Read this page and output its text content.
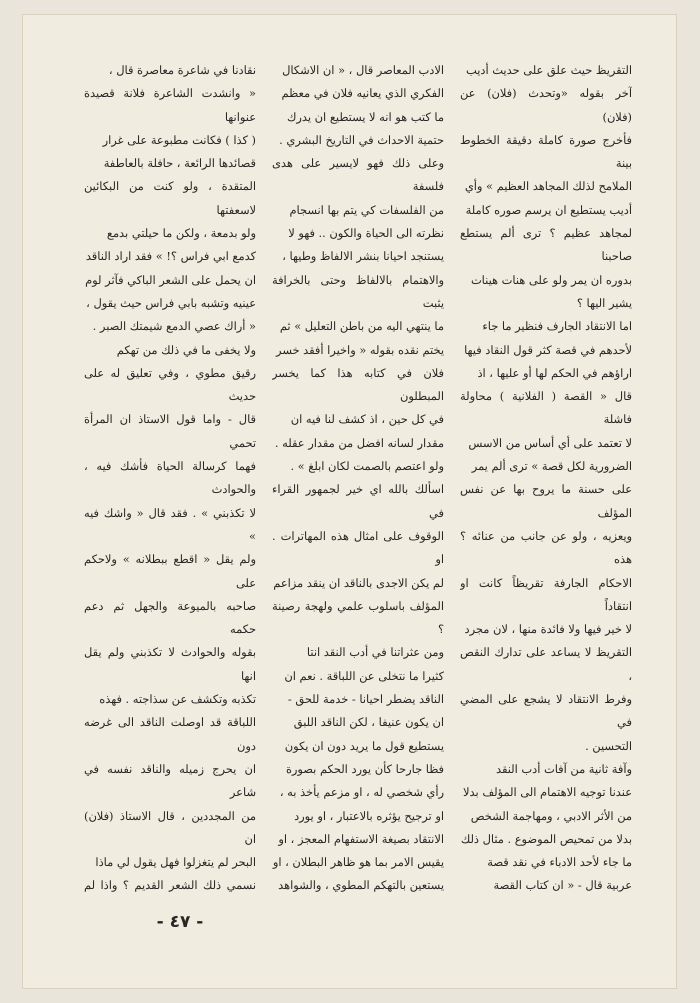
التقريظ حيث علق على حديث أديب
آخر بقوله «وتحدث (فلان) عن (فلان)
فأخرج صورة كاملة دقيقة الخطوط بينة
الملامح لذلك المجاهد العظيم » وأي
أديب يستطيع ان يرسم صوره كاملة
لمجاهد عظيم ؟ ترى ألم يستطع صاحبنا
بدوره ان يمر ولو على هنات هينات
يشير اليها ؟
اما الانتقاد الجارف فنظير ما جاء
لأحدهم في قصة كثر قول النقاد فيها
اراؤهم في الحكم لها أو عليها ، اذ
قال « القصة ( الفلانية ) محاولة فاشلة
لا تعتمد على أي أساس من الاسس
الضرورية لكل قصة » ترى ألم يمر
على حسنة ما يروح بها عن نفس المؤلف
ويعزيه ، ولو عن جانب من عنائه ؟ هذه
الاحكام الجارفة تقريظاً كانت او انتقاداً
لا خير فيها ولا فائدة منها ، لان مجرد
التقريظ لا يساعد على تدارك النقص ،
وفرط الانتقاد لا يشجع على المضي في
التحسين .
وآفة ثانية من آفات أدب النقد
عندنا توجيه الاهتمام الى المؤلف بدلا
من الأثر الادبي ، ومهاجمة الشخص
بدلا من تمحيص الموضوع . مثال ذلك
ما جاء لأحد الادباء في نقد قصة
عربية قال - « ان كتاب القصة

الادب المعاصر قال ، « ان الاشكال
الفكري الذي يعانيه فلان في معظم
ما كتب هو انه لا يستطيع ان يدرك
حتمية الاحداث في التاريخ البشري .
وعلى ذلك فهو لايسير على هدى فلسفة
من الفلسفات كي يتم بها انسجام
نظرته الى الحياة والكون .. فهو لا
يستنجد احيانا بنشر الالفاظ وطيها ،
والاهتمام بالالفاظ وحتى بالخرافة يثبت
ما ينتهي اليه من باطن التعليل » ثم
يختم نقده بقوله « واخيرا أفقد خسر
فلان في كتابه هذا كما يخسر المبطلون
في كل حين ، اذ كشف لنا فيه ان
مقدار لسانه افضل من مقدار عقله .
ولو اعتصم بالصمت لكان ابلغ » .
اسألك بالله اي خير لجمهور القراء في
الوقوف على امثال هذه المهاترات . او
لم يكن الاجدى بالناقد ان ينقد مزاعم
المؤلف باسلوب علمي ولهجة رصينة ؟
ومن عثراتنا في أدب النقد انتا
كثيرا ما نتخلى عن اللباقة . نعم ان
الناقد يضطر احيانا - خدمة للحق -
ان يكون عنيفا ، لكن الناقد اللبق
يستطيع قول ما يريد دون ان يكون
فظا جارحا كأن يورد الحكم بصورة
رأي شخصي له ، او مزعم يأخذ به ،
او ترجيح يؤثره بالاعتبار ، او يورد
الانتقاد بصيغة الاستفهام المعجز ، او
يقيس الامر بما هو ظاهر البطلان ، او
يستعين بالتهكم المطوي ، والشواهد

نقادنا في شاعرة معاصرة قال ،
« وانشدت الشاعرة فلانة قصيدة عنوانها
( كذا ) فكانت مطبوعة على غرار
قصائدها الرائعة ، حافلة بالعاطفة
المتقدة ، ولو كنت من البكائين لاسعفتها
ولو بدمعة ، ولكن ما حيلتي بدمع
كدمع ابي فراس ؟! » فقد اراد الناقد
ان يحمل على الشعر الباكي فآثر لوم
عينيه وتشبه بابي فراس حيث يقول ،
« أراك عصي الدمع شيمتك الصبر .
ولا يخفى ما في ذلك من تهكم
رقيق مطوي ، وفي تعليق له على حديث
قال - واما قول الاستاذ ان المرأة تحمي
فهما كرسالة الحياة فأشك فيه ، والحوادث
لا تكذبني » . فقد قال « واشك فيه »
ولم يقل « اقطع ببطلانه » ولاحكم على
صاحبه بالميوعة والجهل ثم دعم حكمه
بقوله والحوادث لا تكذبني ولم يقل انها
تكذبه وتكشف عن سذاجته . فهذه
اللباقة قد اوصلت الناقد الى غرضه دون
ان يحرج زميله والناقد نفسه في شاعر
من المجددين ، قال الاستاذ (فلان) ان
البحر لم يتغزلوا فهل يقول لي ماذا
نسمي ذلك الشعر القديم ؟ واذا لم

- ٤٧ -
